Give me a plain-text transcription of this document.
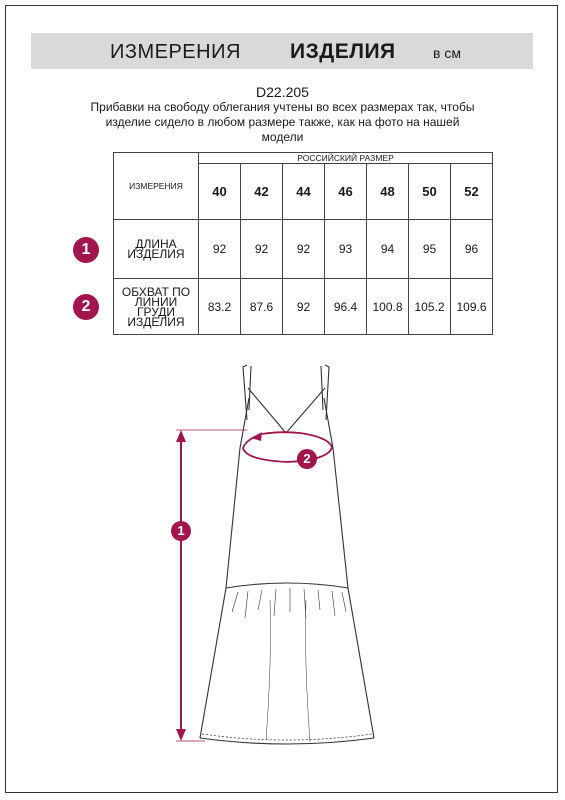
ИЗМЕРЕНИЯ ИЗДЕЛИЯ	в см
D22.205
Прибавки на свободу облегания учтены во всех размерах так, чтобы изделие сидело в любом размере также, как на фото на нашей модели
ИЗМЕРЕНИЯ	РОССИЙСКИЙ РАЗМЕР						
	40	42	44	46	48	50	52
ДЛИНА ИЗДЕЛИЯ	92	92	92	93	94	95	96
ОБХВАТ ПО ЛИНИИ ГРУДИ ИЗДЕЛИЯ	83.2	87.6	92	96.4	100.8	105.2	109.6
1
2
1
2
